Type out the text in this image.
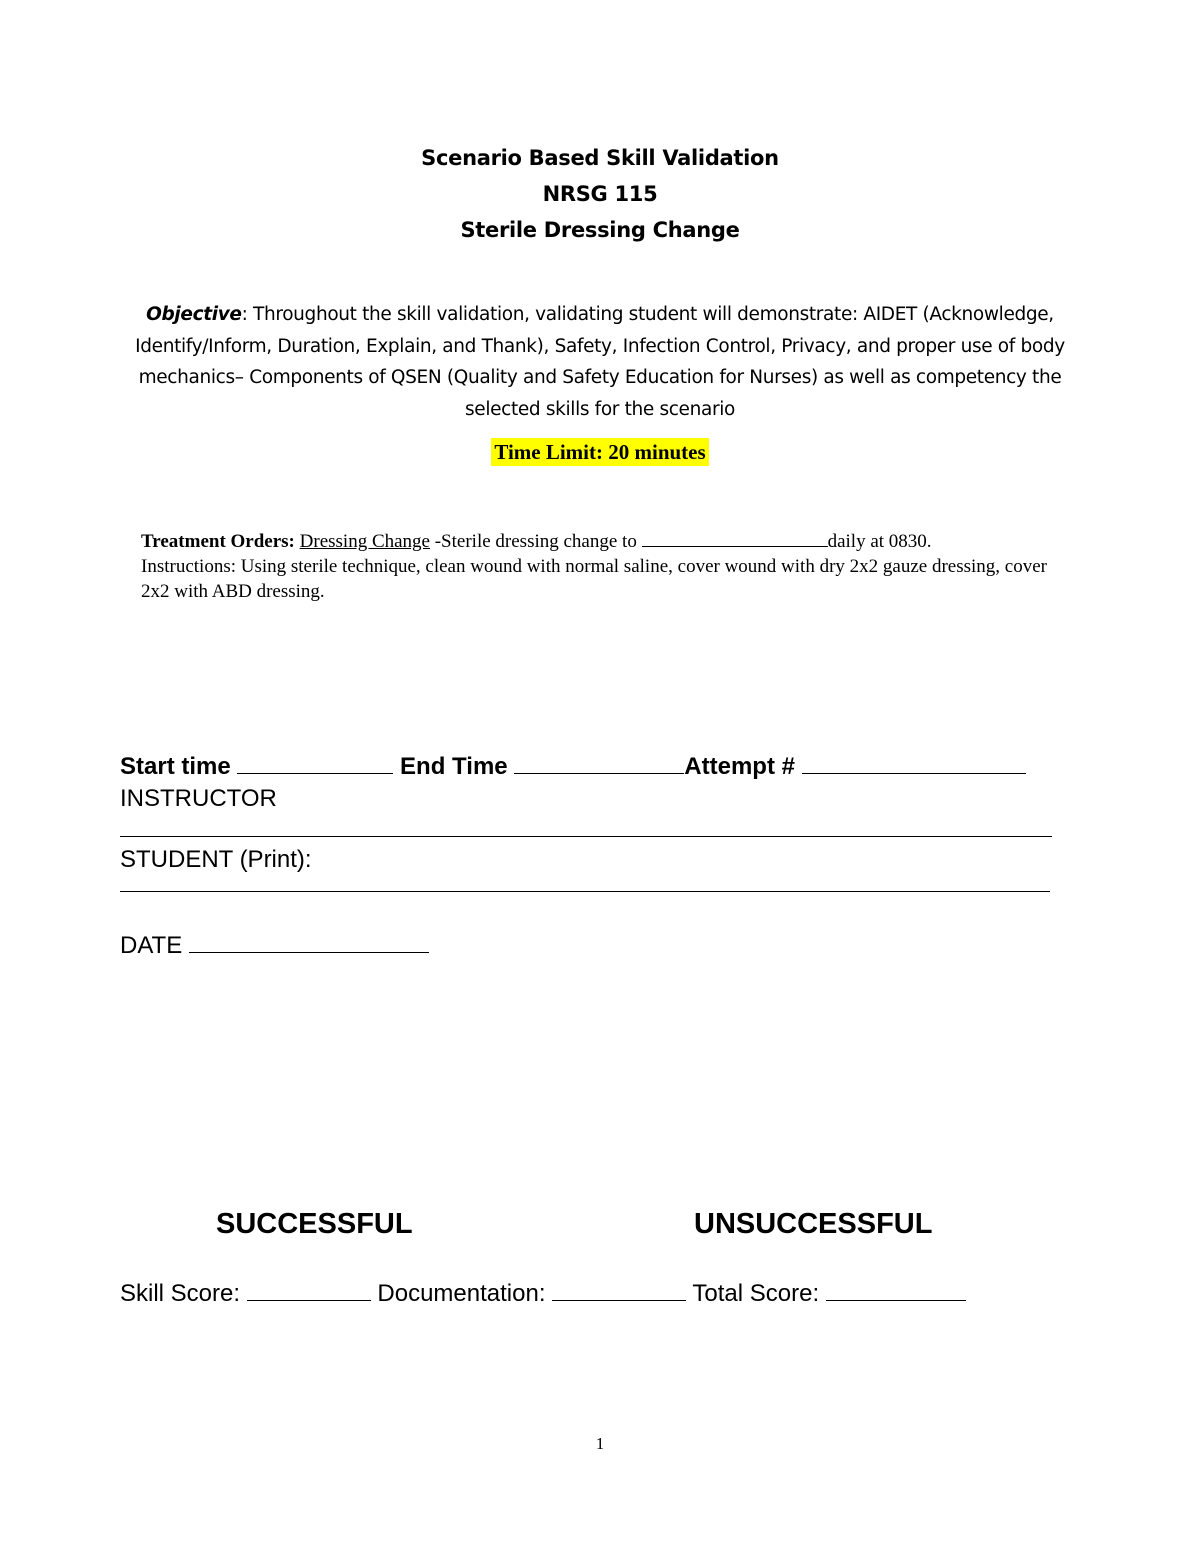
Scenario Based Skill Validation
NRSG 115
Sterile Dressing Change
Objective: Throughout the skill validation, validating student will demonstrate: AIDET (Acknowledge, Identify/Inform, Duration, Explain, and Thank), Safety, Infection Control, Privacy, and proper use of body mechanics– Components of QSEN (Quality and Safety Education for Nurses) as well as competency the selected skills for the scenario
Time Limit: 20 minutes
Treatment Orders: Dressing Change -Sterile dressing change to	daily at 0830.
Instructions: Using sterile technique, clean wound with normal saline, cover wound with dry 2x2 gauze dressing, cover 2x2 with ABD dressing.
Start time	End Time	Attempt #
INSTRUCTOR
STUDENT (Print):
DATE
SUCCESSFUL	UNSUCCESSFUL
Skill Score:	Documentation:	Total Score:
1
